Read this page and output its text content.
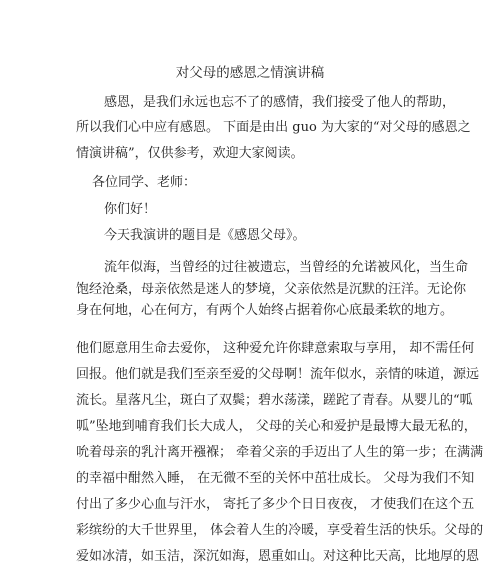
对父母的感恩之情演讲稿
感恩，是我们永远也忘不了的感情，我们接受了他人的帮助，
所以我们心中应有感恩。 下面是由出 guo 为大家的“对父母的感恩之
情演讲稿”，仅供参考，欢迎大家阅读。
各位同学、老师：
你们好！
今天我演讲的题目是《感恩父母》。
流年似海，当曾经的过往被遗忘，当曾经的允诺被风化，当生命
饱经沧桑，母亲依然是迷人的梦境，父亲依然是沉默的汪洋。无论你
身在何地，心在何方，有两个人始终占据着你心底最柔软的地方。
他们愿意用生命去爱你， 这种爱允许你肆意索取与享用， 却不需任何
回报。他们就是我们至亲至爱的父母啊！流年似水，亲情的味道，源远
流长。星落凡尘，斑白了双鬓；碧水荡漾，蹉跎了青春。从婴儿的“呱
呱”坠地到哺育我们长大成人， 父母的关心和爱护是最博大最无私的，
吮着母亲的乳汁离开襁褓； 牵着父亲的手迈出了人生的第一步；在满满
的幸福中酣然入睡， 在无微不至的关怀中茁壮成长。 父母为我们不知
付出了多少心血与汗水， 寄托了多少个日日夜夜， 才使我们在这个五
彩缤纷的大千世界里， 体会着人生的冷暖，享受着生活的快乐。父母的
爱如冰清，如玉洁，深沉如海，恩重如山。对这种比天高，比地厚的恩
